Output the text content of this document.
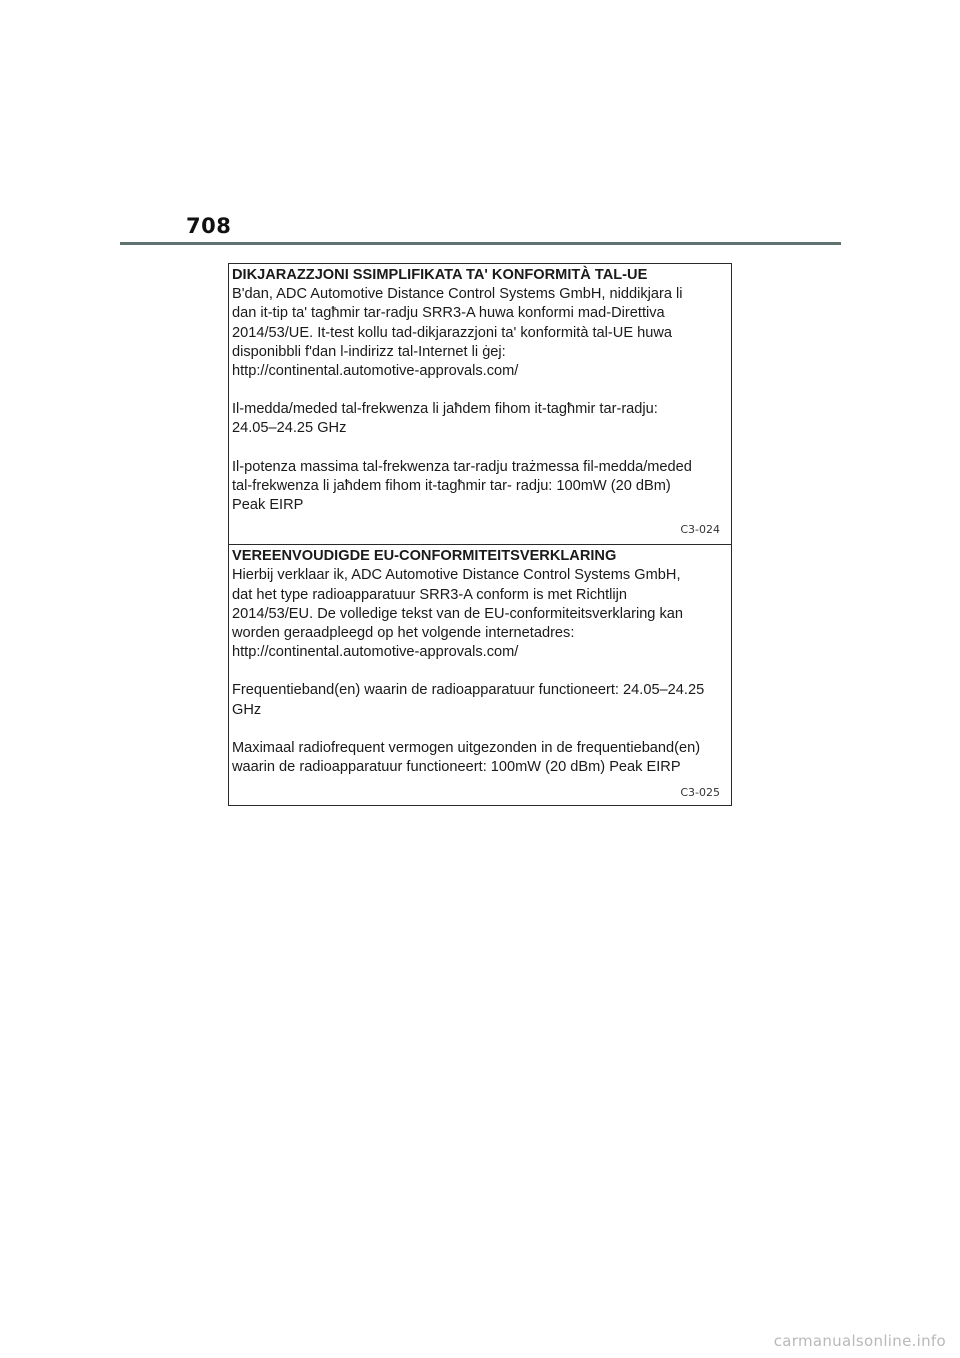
708
DIKJARAZZJONI SSIMPLIFIKATA TA' KONFORMITÀ TAL-UE

B'dan, ADC Automotive Distance Control Systems GmbH, niddikjara li
dan it-tip ta' tagħmir tar-radju SRR3-A huwa konformi mad-Direttiva
2014/53/UE. It-test kollu tad-dikjarazzjoni ta' konformità tal-UE huwa
disponibbli f'dan l-indirizz tal-Internet li ġej:
http://continental.automotive-approvals.com/

Il-medda/meded tal-frekwenza li jaħdem fihom it-tagħmir tar-radju:
24.05–24.25 GHz

Il-potenza massima tal-frekwenza tar-radju trażmessa fil-medda/meded
tal-frekwenza li jaħdem fihom it-tagħmir tar- radju: 100mW (20 dBm)
Peak EIRP

C3-024
VEREENVOUDIGDE EU-CONFORMITEITSVERKLARING

Hierbij verklaar ik, ADC Automotive Distance Control Systems GmbH,
dat het type radioapparatuur SRR3-A conform is met Richtlijn
2014/53/EU. De volledige tekst van de EU-conformiteitsverklaring kan
worden geraadpleegd op het volgende internetadres:
http://continental.automotive-approvals.com/

Frequentieband(en) waarin de radioapparatuur functioneert: 24.05–24.25
GHz

Maximaal radiofrequent vermogen uitgezonden in de frequentieband(en)
waarin de radioapparatuur functioneert: 100mW (20 dBm) Peak EIRP

C3-025
carmanualsonline.info
